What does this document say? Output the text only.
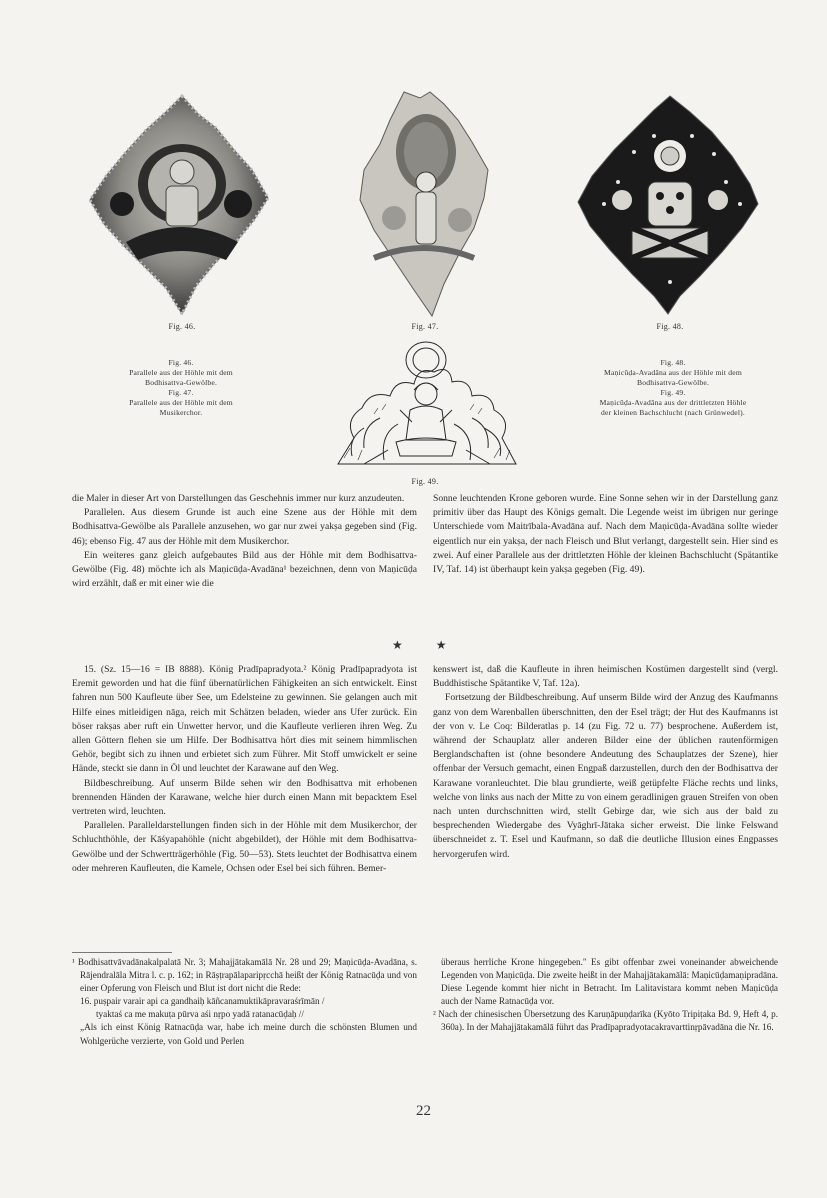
Fig. 46.	Fig. 47.	Fig. 48.
Fig. 49.
Fig. 46.
Parallele aus der Höhle mit dem
Bodhisattva-Gewölbe.
Fig. 47.
Parallele aus der Höhle mit dem
Musikerchor.
Fig. 48.
Maṇicūḍa-Avadāna aus der Höhle mit dem
Bodhisattva-Gewölbe.
Fig. 49.
Maṇicūḍa-Avadāna aus der drittletzten Höhle
der kleinen Bachschlucht (nach Grünwedel).

die Maler in dieser Art von Darstellungen das Geschehnis immer nur kurz anzudeuten.

Parallelen. Aus diesem Grunde ist auch eine Szene aus der Höhle mit dem Bodhisattva-Gewölbe als Parallele anzusehen, wo gar nur zwei yakṣa gegeben sind (Fig. 46); ebenso Fig. 47 aus der Höhle mit dem Musikerchor.

Ein weiteres ganz gleich aufgebautes Bild aus der Höhle mit dem Bodhisattva-Gewölbe (Fig. 48) möchte ich als Maṇicūḍa-Avadāna¹ bezeichnen, denn von Maṇicūḍa wird erzählt, daß er mit einer wie die

Sonne leuchtenden Krone geboren wurde. Eine Sonne sehen wir in der Darstellung ganz primitiv über das Haupt des Königs gemalt. Die Legende weist im übrigen nur geringe Unterschiede vom Maitrībala-Avadāna auf. Nach dem Maṇicūḍa-Avadāna sollte wieder eigentlich nur ein yakṣa, der nach Fleisch und Blut verlangt, dargestellt sein. Hier sind es zwei. Auf einer Parallele aus der drittletzten Höhle der kleinen Bachschlucht (Spätantike IV, Taf. 14) ist überhaupt kein yakṣa gegeben (Fig. 49).

★ ★

15. (Sz. 15—16 = IB 8888). König Pradīpapradyota.² König Pradīpapradyota ist Eremit geworden und hat die fünf übernatürlichen Fähigkeiten an sich entwickelt. Einst fahren nun 500 Kaufleute über See, um Edelsteine zu gewinnen. Sie gelangen auch mit Hilfe eines mitleidigen nāga, reich mit Schätzen beladen, wieder ans Ufer zurück. Ein böser rakṣas aber ruft ein Unwetter hervor, und die Kaufleute verlieren ihren Weg. Zu allen Göttern flehen sie um Hilfe. Der Bodhisattva hört dies mit seinem himmlischen Gehör, begibt sich zu ihnen und erbietet sich zum Führer. Mit Stoff umwickelt er seine Hände, steckt sie dann in Öl und leuchtet der Karawane auf den Weg.

Bildbeschreibung. Auf unserm Bilde sehen wir den Bodhisattva mit erhobenen brennenden Händen der Karawane, welche hier durch einen Mann mit bepacktem Esel vertreten wird, leuchten.

Parallelen. Paralleldarstellungen finden sich in der Höhle mit dem Musikerchor, der Schluchthöhle, der Kāśyapahöhle (nicht abgebildet), der Höhle mit dem Bodhisattva-Gewölbe und der Schwertträgerhöhle (Fig. 50—53). Stets leuchtet der Bodhisattva einem oder mehreren Kaufleuten, die Kamele, Ochsen oder Esel bei sich führen. Bemer-

kenswert ist, daß die Kaufleute in ihren heimischen Kostümen dargestellt sind (vergl. Buddhistische Spätantike V, Taf. 12a).

Fortsetzung der Bildbeschreibung. Auf unserm Bilde wird der Anzug des Kaufmanns ganz von dem Warenballen überschnitten, den der Esel trägt; der Hut des Kaufmanns ist der von v. Le Coq: Bilderatlas p. 14 (zu Fig. 72 u. 77) besprochene. Außerdem ist, während der Schauplatz aller anderen Bilder eine der üblichen rautenförmigen Berglandschaften ist (ohne besondere Andeutung des Schauplatzes der Szene), hier offenbar der Versuch gemacht, einen Engpaß darzustellen, durch den der Bodhisattva der Karawane voranleuchtet. Die blau grundierte, weiß getüpfelte Fläche rechts und links, welche von links aus nach der Mitte zu von einem geradlinigen grauen Streifen von oben nach unten durchschnitten wird, stellt Gebirge dar, wie sich aus der bald zu besprechenden Wiedergabe des Vyāghrī-Jātaka sicher erweist. Die linke Felswand überschneidet z. T. Esel und Kaufmann, so daß die deutliche Illusion eines Engpasses hervorgerufen wird.

¹ Bodhisattvāvadānakalpalatā Nr. 3; Mahajjātakamālā Nr. 28 und 29; Maṇicūḍa-Avadāna, s. Rājendralāla Mitra l. c. p. 162; in Rāṣṭrapālaparipṛcchā heißt der König Ratnacūḍa und von einer Opferung von Fleisch und Blut ist dort nicht die Rede:

16. puṣpair varair api ca gandhaiḥ kāñcanamuktikāpravaraśrīmān /

tyaktaś ca me makuṭa pūrva aśi nṛpo yadā ratanacūḍaḥ //

„Als ich einst König Ratnacūḍa war, habe ich meine durch die schönsten Blumen und Wohlgerüche verzierte, von Gold und Perlen

überaus herrliche Krone hingegeben." Es gibt offenbar zwei voneinander abweichende Legenden von Maṇicūḍa. Die zweite heißt in der Mahajjātakamālā: Maṇicūḍamaṇipradāna. Diese Legende kommt hier nicht in Betracht. Im Lalitavistara kommt neben Maṇicūḍa auch der Name Ratnacūḍa vor.

² Nach der chinesischen Übersetzung des Karuṇāpuṇḍarīka (Kyōto Tripiṭaka Bd. 9, Heft 4, p. 360a). In der Mahajjātakamālā führt das Pradīpapradyotacakravarttinṛpāvadāna die Nr. 16.

22
